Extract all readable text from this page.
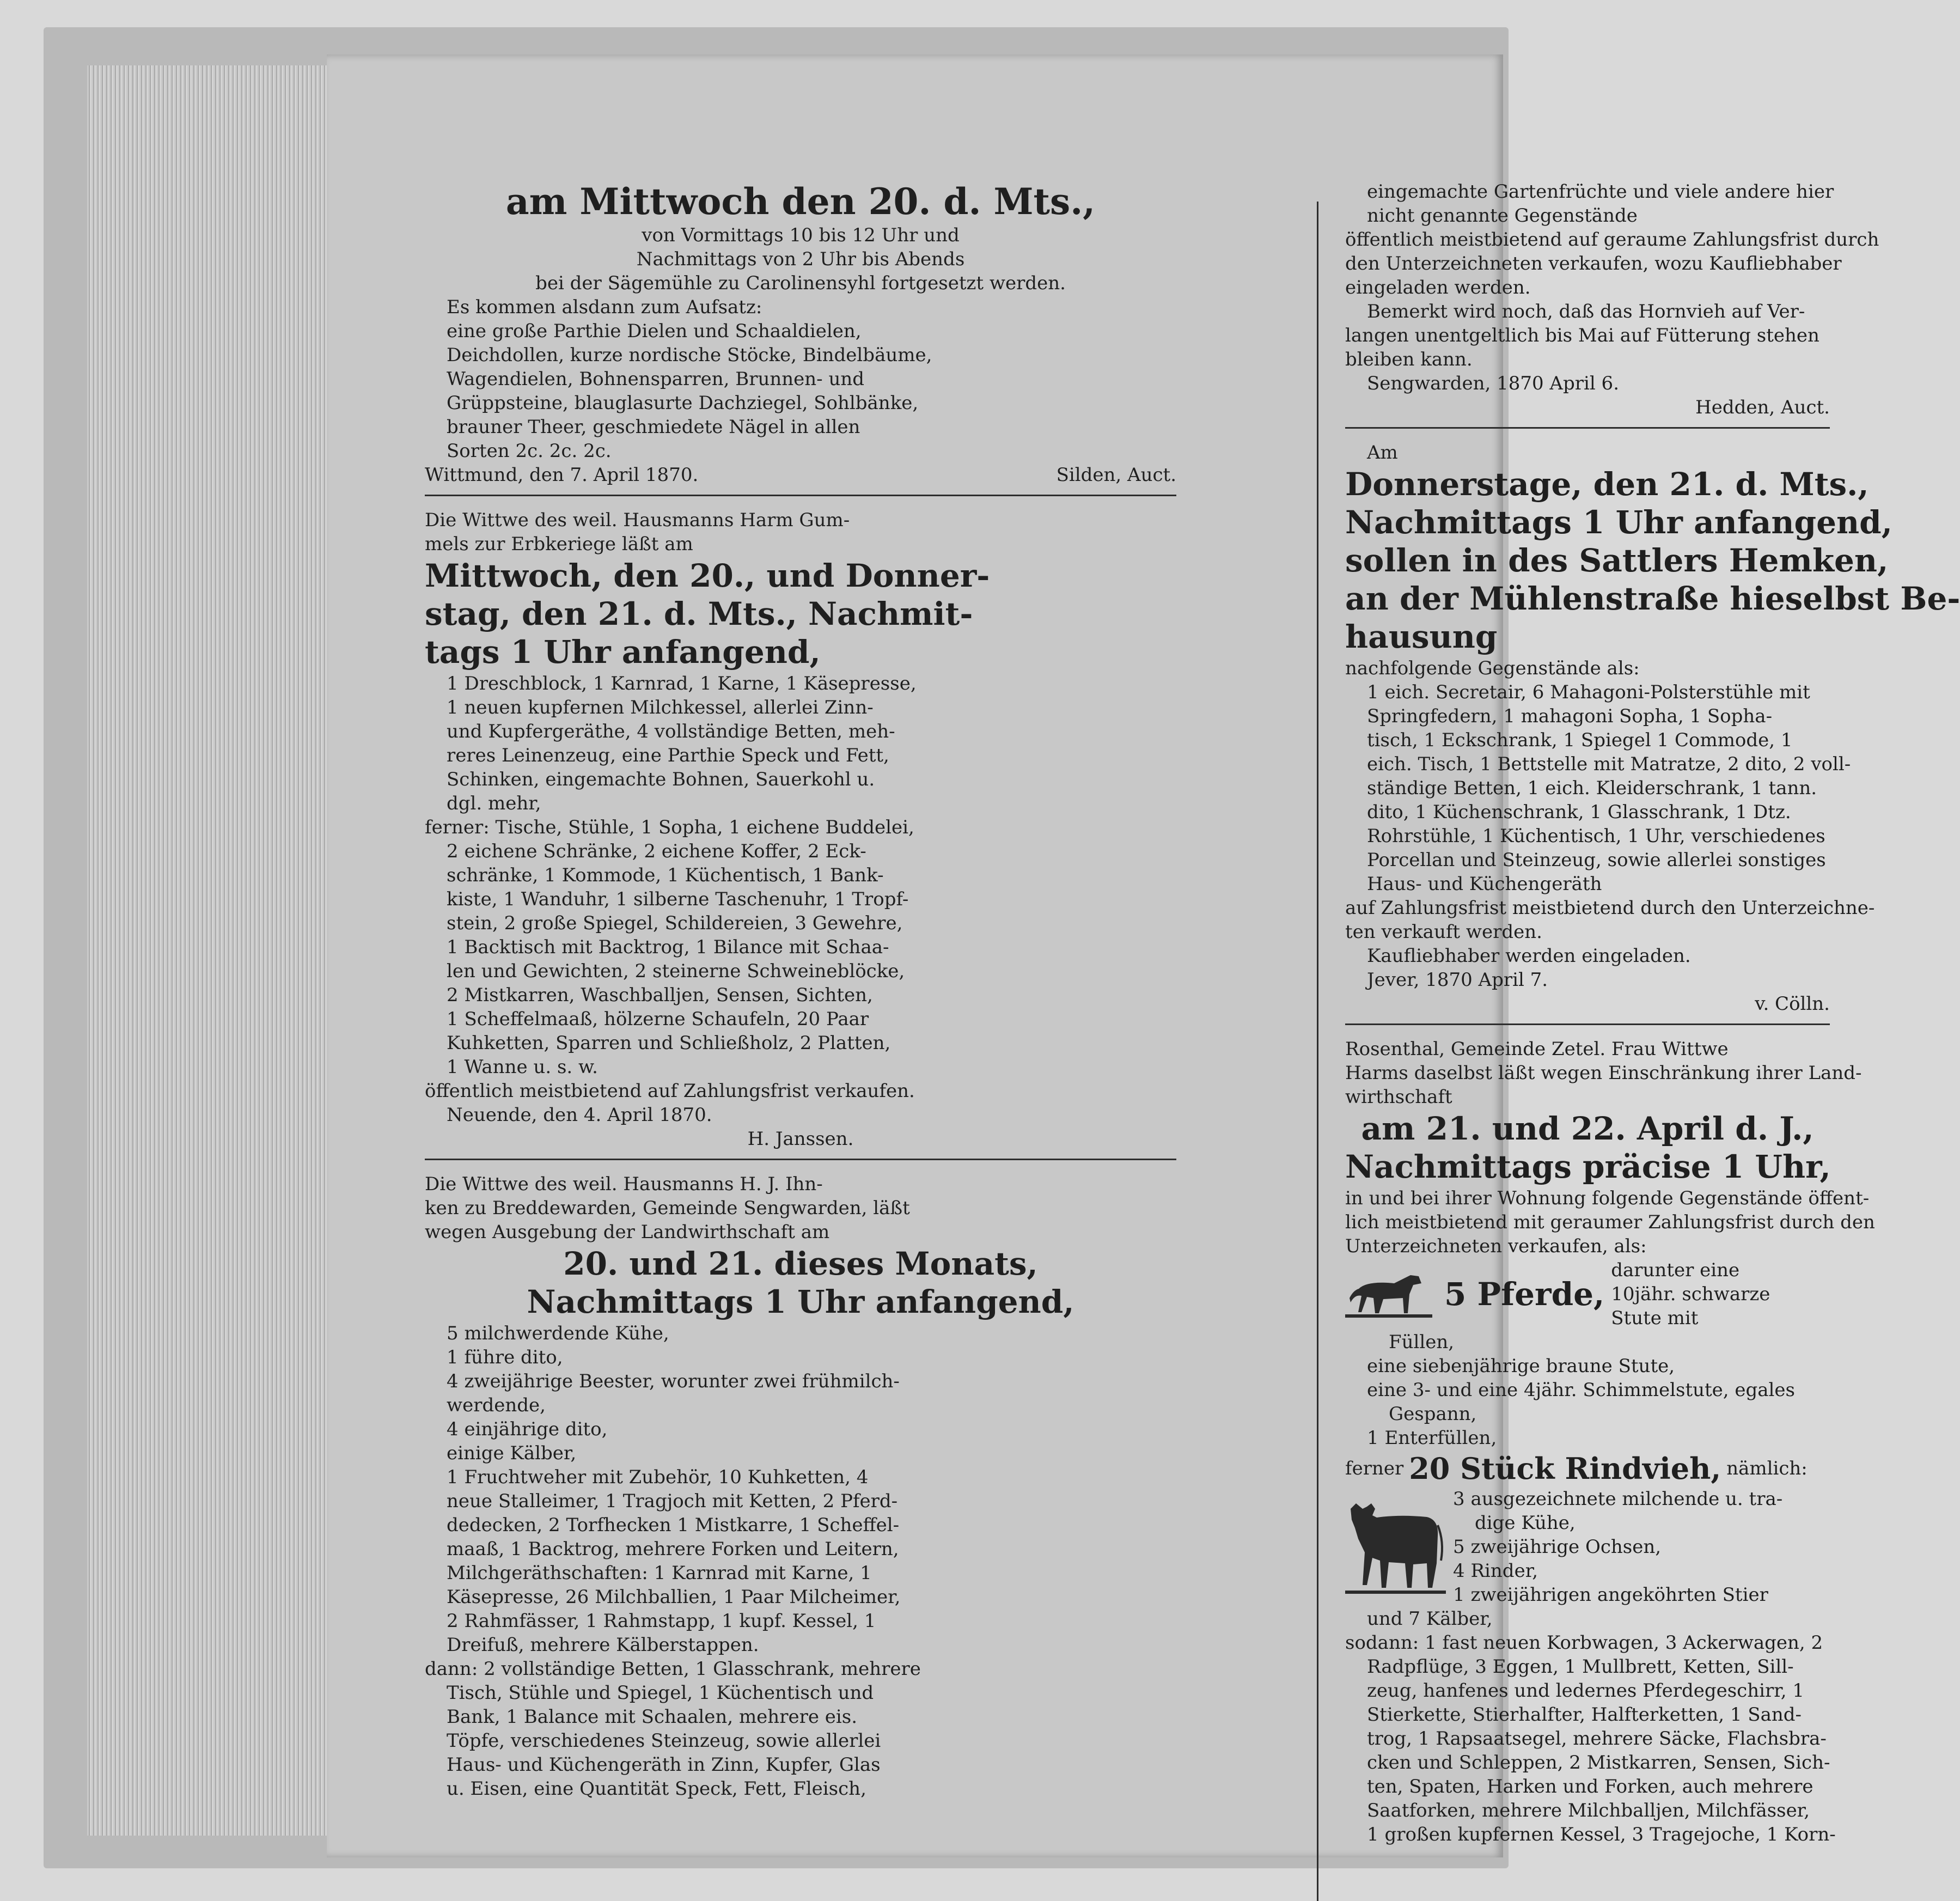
am Mittwoch den 20. d. Mts.,

von Vormittags 10 bis 12 Uhr und

Nachmittags von 2 Uhr bis Abends

bei der Sägemühle zu Carolinensyhl fortgesetzt werden.

Es kommen alsdann zum Aufsatz:

eine große Parthie Dielen und Schaaldielen,

Deichdollen, kurze nordische Stöcke, Bindelbäume,

Wagendielen, Bohnensparren, Brunnen- und

Grüppsteine, blauglasurte Dachziegel, Sohlbänke,

brauner Theer, geschmiedete Nägel in allen

Sorten 2c. 2c. 2c.

Wittmund, den 7. April 1870.	Silden, Auct.

Die Wittwe des weil. Hausmanns Harm Gum-

mels zur Erbkeriege läßt am

Mittwoch, den 20., und Donner-

stag, den 21. d. Mts., Nachmit-

tags 1 Uhr anfangend,

1 Dreschblock, 1 Karnrad, 1 Karne, 1 Käsepresse,

1 neuen kupfernen Milchkessel, allerlei Zinn-

und Kupfergeräthe, 4 vollständige Betten, meh-

reres Leinenzeug, eine Parthie Speck und Fett,

Schinken, eingemachte Bohnen, Sauerkohl u.

dgl. mehr,

ferner: Tische, Stühle, 1 Sopha, 1 eichene Buddelei,

2 eichene Schränke, 2 eichene Koffer, 2 Eck-

schränke, 1 Kommode, 1 Küchentisch, 1 Bank-

kiste, 1 Wanduhr, 1 silberne Taschenuhr, 1 Tropf-

stein, 2 große Spiegel, Schildereien, 3 Gewehre,

1 Backtisch mit Backtrog, 1 Bilance mit Schaa-

len und Gewichten, 2 steinerne Schweineblöcke,

2 Mistkarren, Waschballjen, Sensen, Sichten,

1 Scheffelmaaß, hölzerne Schaufeln, 20 Paar

Kuhketten, Sparren und Schließholz, 2 Platten,

1 Wanne u. s. w.

öffentlich meistbietend auf Zahlungsfrist verkaufen.

Neuende, den 4. April 1870.

H. Janssen.

Die Wittwe des weil. Hausmanns H. J. Ihn-

ken zu Breddewarden, Gemeinde Sengwarden, läßt

wegen Ausgebung der Landwirthschaft am

20. und 21. dieses Monats,

Nachmittags 1 Uhr anfangend,

5 milchwerdende Kühe,

1 führe dito,

4 zweijährige Beester, worunter zwei frühmilch-

werdende,

4 einjährige dito,

einige Kälber,

1 Fruchtweher mit Zubehör, 10 Kuhketten, 4

neue Stalleimer, 1 Tragjoch mit Ketten, 2 Pferd-

dedecken, 2 Torfhecken 1 Mistkarre, 1 Scheffel-

maaß, 1 Backtrog, mehrere Forken und Leitern,

Milchgeräthschaften: 1 Karnrad mit Karne, 1

Käsepresse, 26 Milchballien, 1 Paar Milcheimer,

2 Rahmfässer, 1 Rahmstapp, 1 kupf. Kessel, 1

Dreifuß, mehrere Kälberstappen.

dann: 2 vollständige Betten, 1 Glasschrank, mehrere

Tisch, Stühle und Spiegel, 1 Küchentisch und

Bank, 1 Balance mit Schaalen, mehrere eis.

Töpfe, verschiedenes Steinzeug, sowie allerlei

Haus- und Küchengeräth in Zinn, Kupfer, Glas

u. Eisen, eine Quantität Speck, Fett, Fleisch,

eingemachte Gartenfrüchte und viele andere hier

nicht genannte Gegenstände

öffentlich meistbietend auf geraume Zahlungsfrist durch

den Unterzeichneten verkaufen, wozu Kaufliebhaber

eingeladen werden.

Bemerkt wird noch, daß das Hornvieh auf Ver-

langen unentgeltlich bis Mai auf Fütterung stehen

bleiben kann.

Sengwarden, 1870 April 6.

Hedden, Auct.

Am

Donnerstage, den 21. d. Mts.,

Nachmittags 1 Uhr anfangend,

sollen in des Sattlers Hemken,

an der Mühlenstraße hieselbst Be-

hausung

nachfolgende Gegenstände als:

1 eich. Secretair, 6 Mahagoni-Polsterstühle mit

Springfedern, 1 mahagoni Sopha, 1 Sopha-

tisch, 1 Eckschrank, 1 Spiegel 1 Commode, 1

eich. Tisch, 1 Bettstelle mit Matratze, 2 dito, 2 voll-

ständige Betten, 1 eich. Kleiderschrank, 1 tann.

dito, 1 Küchenschrank, 1 Glasschrank, 1 Dtz.

Rohrstühle, 1 Küchentisch, 1 Uhr, verschiedenes

Porcellan und Steinzeug, sowie allerlei sonstiges

Haus- und Küchengeräth

auf Zahlungsfrist meistbietend durch den Unterzeichne-

ten verkauft werden.

Kaufliebhaber werden eingeladen.

Jever, 1870 April 7.

v. Cölln.

Rosenthal, Gemeinde Zetel. Frau Wittwe

Harms daselbst läßt wegen Einschränkung ihrer Land-

wirthschaft

am 21. und 22. April d. J.,

Nachmittags präcise 1 Uhr,

in und bei ihrer Wohnung folgende Gegenstände öffent-

lich meistbietend mit geraumer Zahlungsfrist durch den

Unterzeichneten verkaufen, als:

5 Pferde,

darunter eine 10jähr. schwarze Stute mit

Füllen,

eine siebenjährige braune Stute,

eine 3- und eine 4jähr. Schimmelstute, egales

Gespann,

1 Enterfüllen,

ferner 20 Stück Rindvieh, nämlich:

3 ausgezeichnete milchende u. tra-

dige Kühe,

5 zweijährige Ochsen,

4 Rinder,

1 zweijährigen angeköhrten Stier

und 7 Kälber,

sodann: 1 fast neuen Korbwagen, 3 Ackerwagen, 2

Radpflüge, 3 Eggen, 1 Mullbrett, Ketten, Sill-

zeug, hanfenes und ledernes Pferdegeschirr, 1

Stierkette, Stierhalfter, Halfterketten, 1 Sand-

trog, 1 Rapsaatsegel, mehrere Säcke, Flachsbra-

cken und Schleppen, 2 Mistkarren, Sensen, Sich-

ten, Spaten, Harken und Forken, auch mehrere

Saatforken, mehrere Milchballjen, Milchfässer,

1 großen kupfernen Kessel, 3 Tragejoche, 1 Korn-
